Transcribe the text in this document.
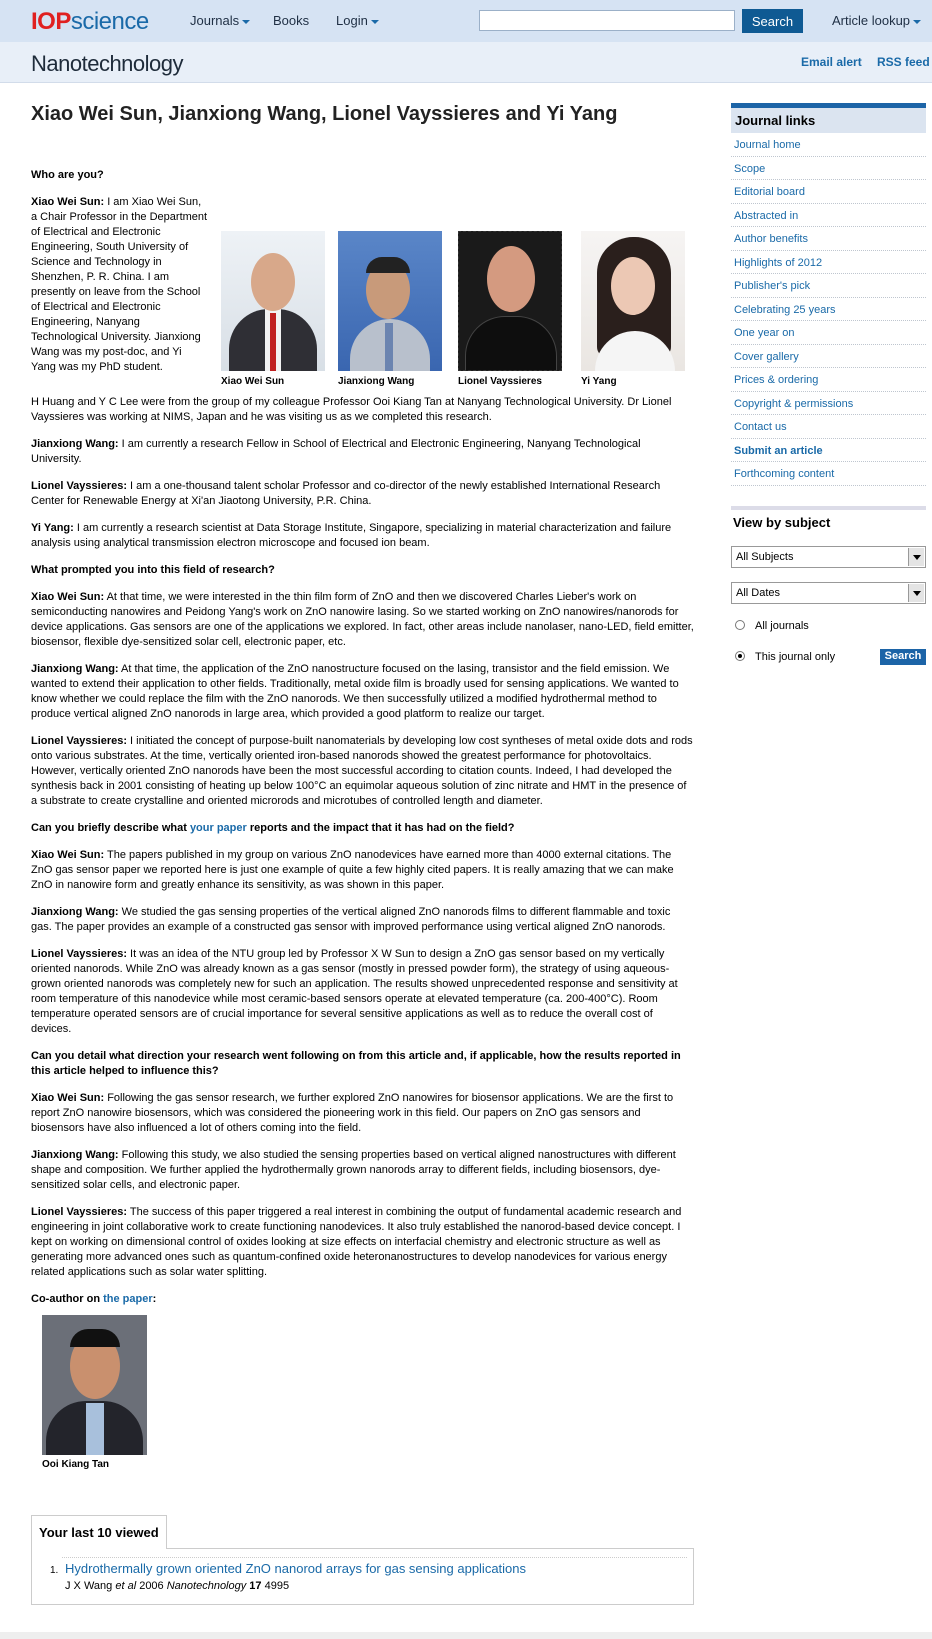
IOPscience	Journals	Books Login	Search	Article lookup
Nanotechnology	Email alert RSS feed
Xiao Wei Sun, Jianxiong Wang, Lionel Vayssieres and Yi Yang
Who are you?
Xiao Wei Sun: I am Xiao Wei Sun, a Chair Professor in the Department of Electrical and Electronic Engineering, South University of Science and Technology in Shenzhen, P. R. China. I am presently on leave from the School of Electrical and Electronic Engineering, Nanyang Technological University. Jianxiong Wang was my post-doc, and Yi Yang was my PhD student.
Xiao Wei Sun	Jianxiong Wang	Lionel Vayssieres	Yi Yang

H Huang and Y C Lee were from the group of my colleague Professor Ooi Kiang Tan at Nanyang Technological University. Dr Lionel Vayssieres was working at NIMS, Japan and he was visiting us as we completed this research.

Jianxiong Wang: I am currently a research Fellow in School of Electrical and Electronic Engineering, Nanyang Technological University.

Lionel Vayssieres: I am a one-thousand talent scholar Professor and co-director of the newly established International Research Center for Renewable Energy at Xi'an Jiaotong University, P.R. China.

Yi Yang: I am currently a research scientist at Data Storage Institute, Singapore, specializing in material characterization and failure analysis using analytical transmission electron microscope and focused ion beam.

What prompted you into this field of research?

Xiao Wei Sun: At that time, we were interested in the thin film form of ZnO and then we discovered Charles Lieber's work on semiconducting nanowires and Peidong Yang's work on ZnO nanowire lasing. So we started working on ZnO nanowires/nanorods for device applications. Gas sensors are one of the applications we explored. In fact, other areas include nanolaser, nano-LED, field emitter, biosensor, flexible dye-sensitized solar cell, electronic paper, etc.

Jianxiong Wang: At that time, the application of the ZnO nanostructure focused on the lasing, transistor and the field emission. We wanted to extend their application to other fields. Traditionally, metal oxide film is broadly used for sensing applications. We wanted to know whether we could replace the film with the ZnO nanorods. We then successfully utilized a modified hydrothermal method to produce vertical aligned ZnO nanorods in large area, which provided a good platform to realize our target.

Lionel Vayssieres: I initiated the concept of purpose-built nanomaterials by developing low cost syntheses of metal oxide dots and rods onto various substrates. At the time, vertically oriented iron-based nanorods showed the greatest performance for photovoltaics. However, vertically oriented ZnO nanorods have been the most successful according to citation counts. Indeed, I had developed the synthesis back in 2001 consisting of heating up below 100°C an equimolar aqueous solution of zinc nitrate and HMT in the presence of a substrate to create crystalline and oriented microrods and microtubes of controlled length and diameter.

Can you briefly describe what your paper reports and the impact that it has had on the field?

Xiao Wei Sun: The papers published in my group on various ZnO nanodevices have earned more than 4000 external citations. The ZnO gas sensor paper we reported here is just one example of quite a few highly cited papers. It is really amazing that we can make ZnO in nanowire form and greatly enhance its sensitivity, as was shown in this paper.

Jianxiong Wang: We studied the gas sensing properties of the vertical aligned ZnO nanorods films to different flammable and toxic gas. The paper provides an example of a constructed gas sensor with improved performance using vertical aligned ZnO nanorods.

Lionel Vayssieres: It was an idea of the NTU group led by Professor X W Sun to design a ZnO gas sensor based on my vertically oriented nanorods. While ZnO was already known as a gas sensor (mostly in pressed powder form), the strategy of using aqueous-grown oriented nanorods was completely new for such an application. The results showed unprecedented response and sensitivity at room temperature of this nanodevice while most ceramic-based sensors operate at elevated temperature (ca. 200-400°C). Room temperature operated sensors are of crucial importance for several sensitive applications as well as to reduce the overall cost of devices.

Can you detail what direction your research went following on from this article and, if applicable, how the results reported in this article helped to influence this?

Xiao Wei Sun: Following the gas sensor research, we further explored ZnO nanowires for biosensor applications. We are the first to report ZnO nanowire biosensors, which was considered the pioneering work in this field. Our papers on ZnO gas sensors and biosensors have also influenced a lot of others coming into the field.

Jianxiong Wang: Following this study, we also studied the sensing properties based on vertical aligned nanostructures with different shape and composition. We further applied the hydrothermally grown nanorods array to different fields, including biosensors, dye-sensitized solar cells, and electronic paper.

Lionel Vayssieres: The success of this paper triggered a real interest in combining the output of fundamental academic research and engineering in joint collaborative work to create functioning nanodevices. It also truly established the nanorod-based device concept. I kept on working on dimensional control of oxides looking at size effects on interfacial chemistry and electronic structure as well as generating more advanced ones such as quantum-confined oxide heteronanostructures to develop nanodevices for various energy related applications such as solar water splitting.

Co-author on the paper:
Ooi Kiang Tan
Your last 10 viewed
1. Hydrothermally grown oriented ZnO nanorod arrays for gas sensing applications
J X Wang et al 2006 Nanotechnology 17 4995
Journal links
Journal home
Scope
Editorial board
Abstracted in
Author benefits
Highlights of 2012
Publisher's pick
Celebrating 25 years
One year on
Cover gallery
Prices & ordering
Copyright & permissions
Contact us
Submit an article
Forthcoming content
View by subject
All Subjects
All Dates
All journals
This journal only	Search
